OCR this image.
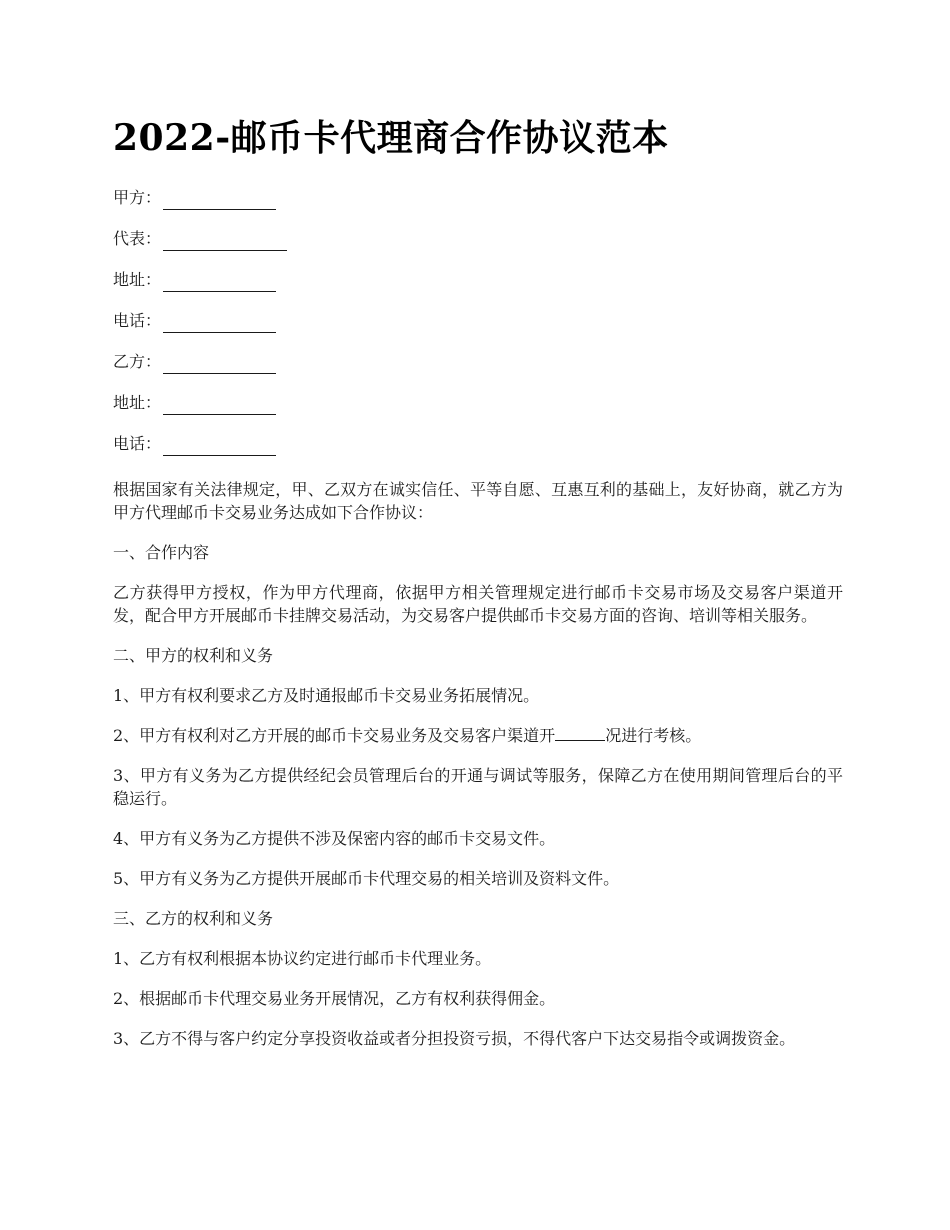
2022-邮币卡代理商合作协议范本
甲方：
代表：
地址：
电话：
乙方：
地址：
电话：

根据国家有关法律规定，甲、乙双方在诚实信任、平等自愿、互惠互利的基础上，友好协商，就乙方为甲方代理邮币卡交易业务达成如下合作协议：

一、合作内容

乙方获得甲方授权，作为甲方代理商，依据甲方相关管理规定进行邮币卡交易市场及交易客户渠道开发，配合甲方开展邮币卡挂牌交易活动，为交易客户提供邮币卡交易方面的咨询、培训等相关服务。

二、甲方的权利和义务

1、甲方有权利要求乙方及时通报邮币卡交易业务拓展情况。

2、甲方有权利对乙方开展的邮币卡交易业务及交易客户渠道开	况进行考核。

3、甲方有义务为乙方提供经纪会员管理后台的开通与调试等服务，保障乙方在使用期间管理后台的平稳运行。

4、甲方有义务为乙方提供不涉及保密内容的邮币卡交易文件。

5、甲方有义务为乙方提供开展邮币卡代理交易的相关培训及资料文件。

三、乙方的权利和义务

1、乙方有权利根据本协议约定进行邮币卡代理业务。

2、根据邮币卡代理交易业务开展情况，乙方有权利获得佣金。

3、乙方不得与客户约定分享投资收益或者分担投资亏损，不得代客户下达交易指令或调拨资金。
